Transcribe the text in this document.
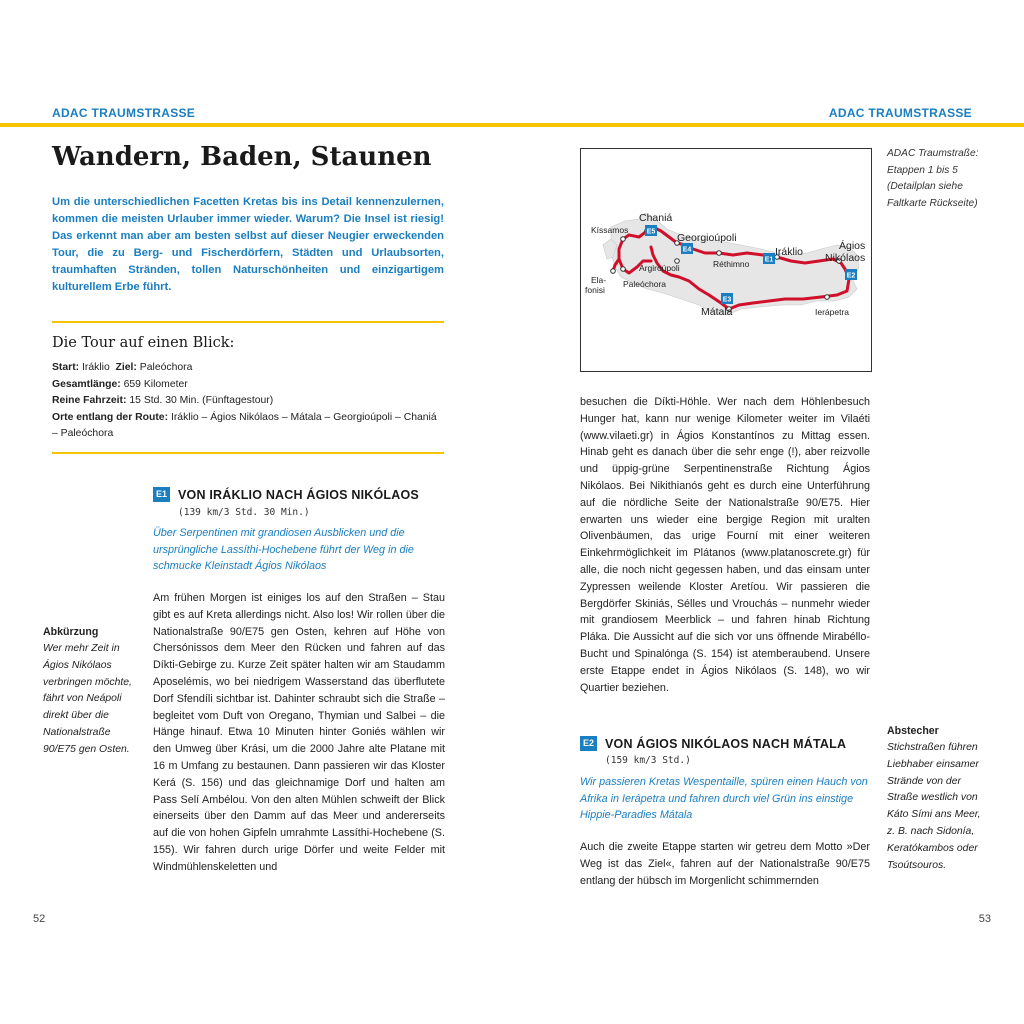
ADAC TRAUMSTRASSE	ADAC TRAUMSTRASSE
Wandern, Baden, Staunen
Um die unterschiedlichen Facetten Kretas bis ins Detail kennenzulernen, kommen die meisten Urlauber immer wieder. Warum? Die Insel ist riesig! Das erkennt man aber am besten selbst auf dieser Neugier erweckenden Tour, die zu Berg- und Fischerdörfern, Städten und Urlaubsorten, traumhaften Stränden, tollen Naturschönheiten und einzigartigem kulturellem Erbe führt.
Die Tour auf einen Blick:
Start: Iráklio Ziel: Paleóchora
Gesamtlänge: 659 Kilometer
Reine Fahrzeit: 15 Std. 30 Min. (Fünftagestour)
Orte entlang der Route: Iráklio – Ágios Nikólaos – Mátala – Georgioúpoli – Chaniá – Paleóchora
E1 VON IRÁKLIO NACH ÁGIOS NIKÓLAOS
(139 km/3 Std. 30 Min.)
Über Serpentinen mit grandiosen Ausblicken und die ursprüngliche Lassíthi-Hochebene führt der Weg in die schmucke Kleinstadt Ágios Nikólaos
Am frühen Morgen ist einiges los auf den Straßen – Stau gibt es auf Kreta allerdings nicht. Also los! Wir rollen über die Nationalstraße 90/E75 gen Osten, kehren auf Höhe von Chersónissos dem Meer den Rücken und fahren auf das Díkti-Gebirge zu. Kurze Zeit später halten wir am Staudamm Aposelémis, wo bei niedrigem Wasserstand das überflutete Dorf Sfendíli sichtbar ist. Dahinter schraubt sich die Straße – begleitet vom Duft von Oregano, Thymian und Salbei – die Hänge hinauf. Etwa 10 Minuten hinter Goniés wählen wir den Umweg über Krási, um die 2000 Jahre alte Platane mit 16 m Umfang zu bestaunen. Dann passieren wir das Kloster Kerá (S. 156) und das gleichnamige Dorf und halten am Pass Selí Ambélou. Von den alten Mühlen schweift der Blick einerseits über den Damm auf das Meer und andererseits auf die von hohen Gipfeln umrahmte Lassíthi-Hochebene (S. 155). Wir fahren durch urige Dörfer und weite Felder mit Windmühlenskeletten und
Abkürzung
Wer mehr Zeit in Ágios Nikólaos verbringen möchte, fährt von Neápoli direkt über die Nationalstraße 90/E75 gen Osten.
52
E5
E4
E1
E2
E3
Chaniá
Kíssamos
Georgioúpoli
Iráklio	Ágios
Nikólaos
Réthimno
Argiroúpoli
Ela-
fonisi
Paleóchora
Mátala	Ierápetra
ADAC Traumstraße: Etappen 1 bis 5 (Detailplan siehe Faltkarte Rückseite)
besuchen die Díkti-Höhle. Wer nach dem Höhlenbesuch Hunger hat, kann nur wenige Kilometer weiter im Vilaéti (www.vilaeti.gr) in Ágios Konstantínos zu Mittag essen. Hinab geht es danach über die sehr enge (!), aber reizvolle und üppig-grüne Serpentinenstraße Richtung Ágios Nikólaos. Bei Nikithianós geht es durch eine Unterführung auf die nördliche Seite der Nationalstraße 90/E75. Hier erwarten uns wieder eine bergige Region mit uralten Olivenbäumen, das urige Fourní mit einer weiteren Einkehrmöglichkeit im Plátanos (www.platanoscrete.gr) für alle, die noch nicht gegessen haben, und das einsam unter Zypressen weilende Kloster Aretíou. Wir passieren die Bergdörfer Skiniás, Sélles und Vrouchás – nunmehr wieder mit grandiosem Meerblick – und fahren hinab Richtung Pláka. Die Aussicht auf die sich vor uns öffnende Mirabéllo-Bucht und Spinalónga (S. 154) ist atemberaubend. Unsere erste Etappe endet in Ágios Nikólaos (S. 148), wo wir Quartier beziehen.
E2 VON ÁGIOS NIKÓLAOS NACH MÁTALA
(159 km/3 Std.)
Wir passieren Kretas Wespentaille, spüren einen Hauch von Afrika in Ierápetra und fahren durch viel Grün ins einstige Hippie-Paradies Mátala
Auch die zweite Etappe starten wir getreu dem Motto »Der Weg ist das Ziel«, fahren auf der Nationalstraße 90/E75 entlang der hübsch im Morgenlicht schimmernden
Abstecher
Stichstraßen führen Liebhaber einsamer Strände von der Straße westlich von Káto Sími ans Meer, z. B. nach Sidonía, Keratókambos oder Tsoútsouros.
53
